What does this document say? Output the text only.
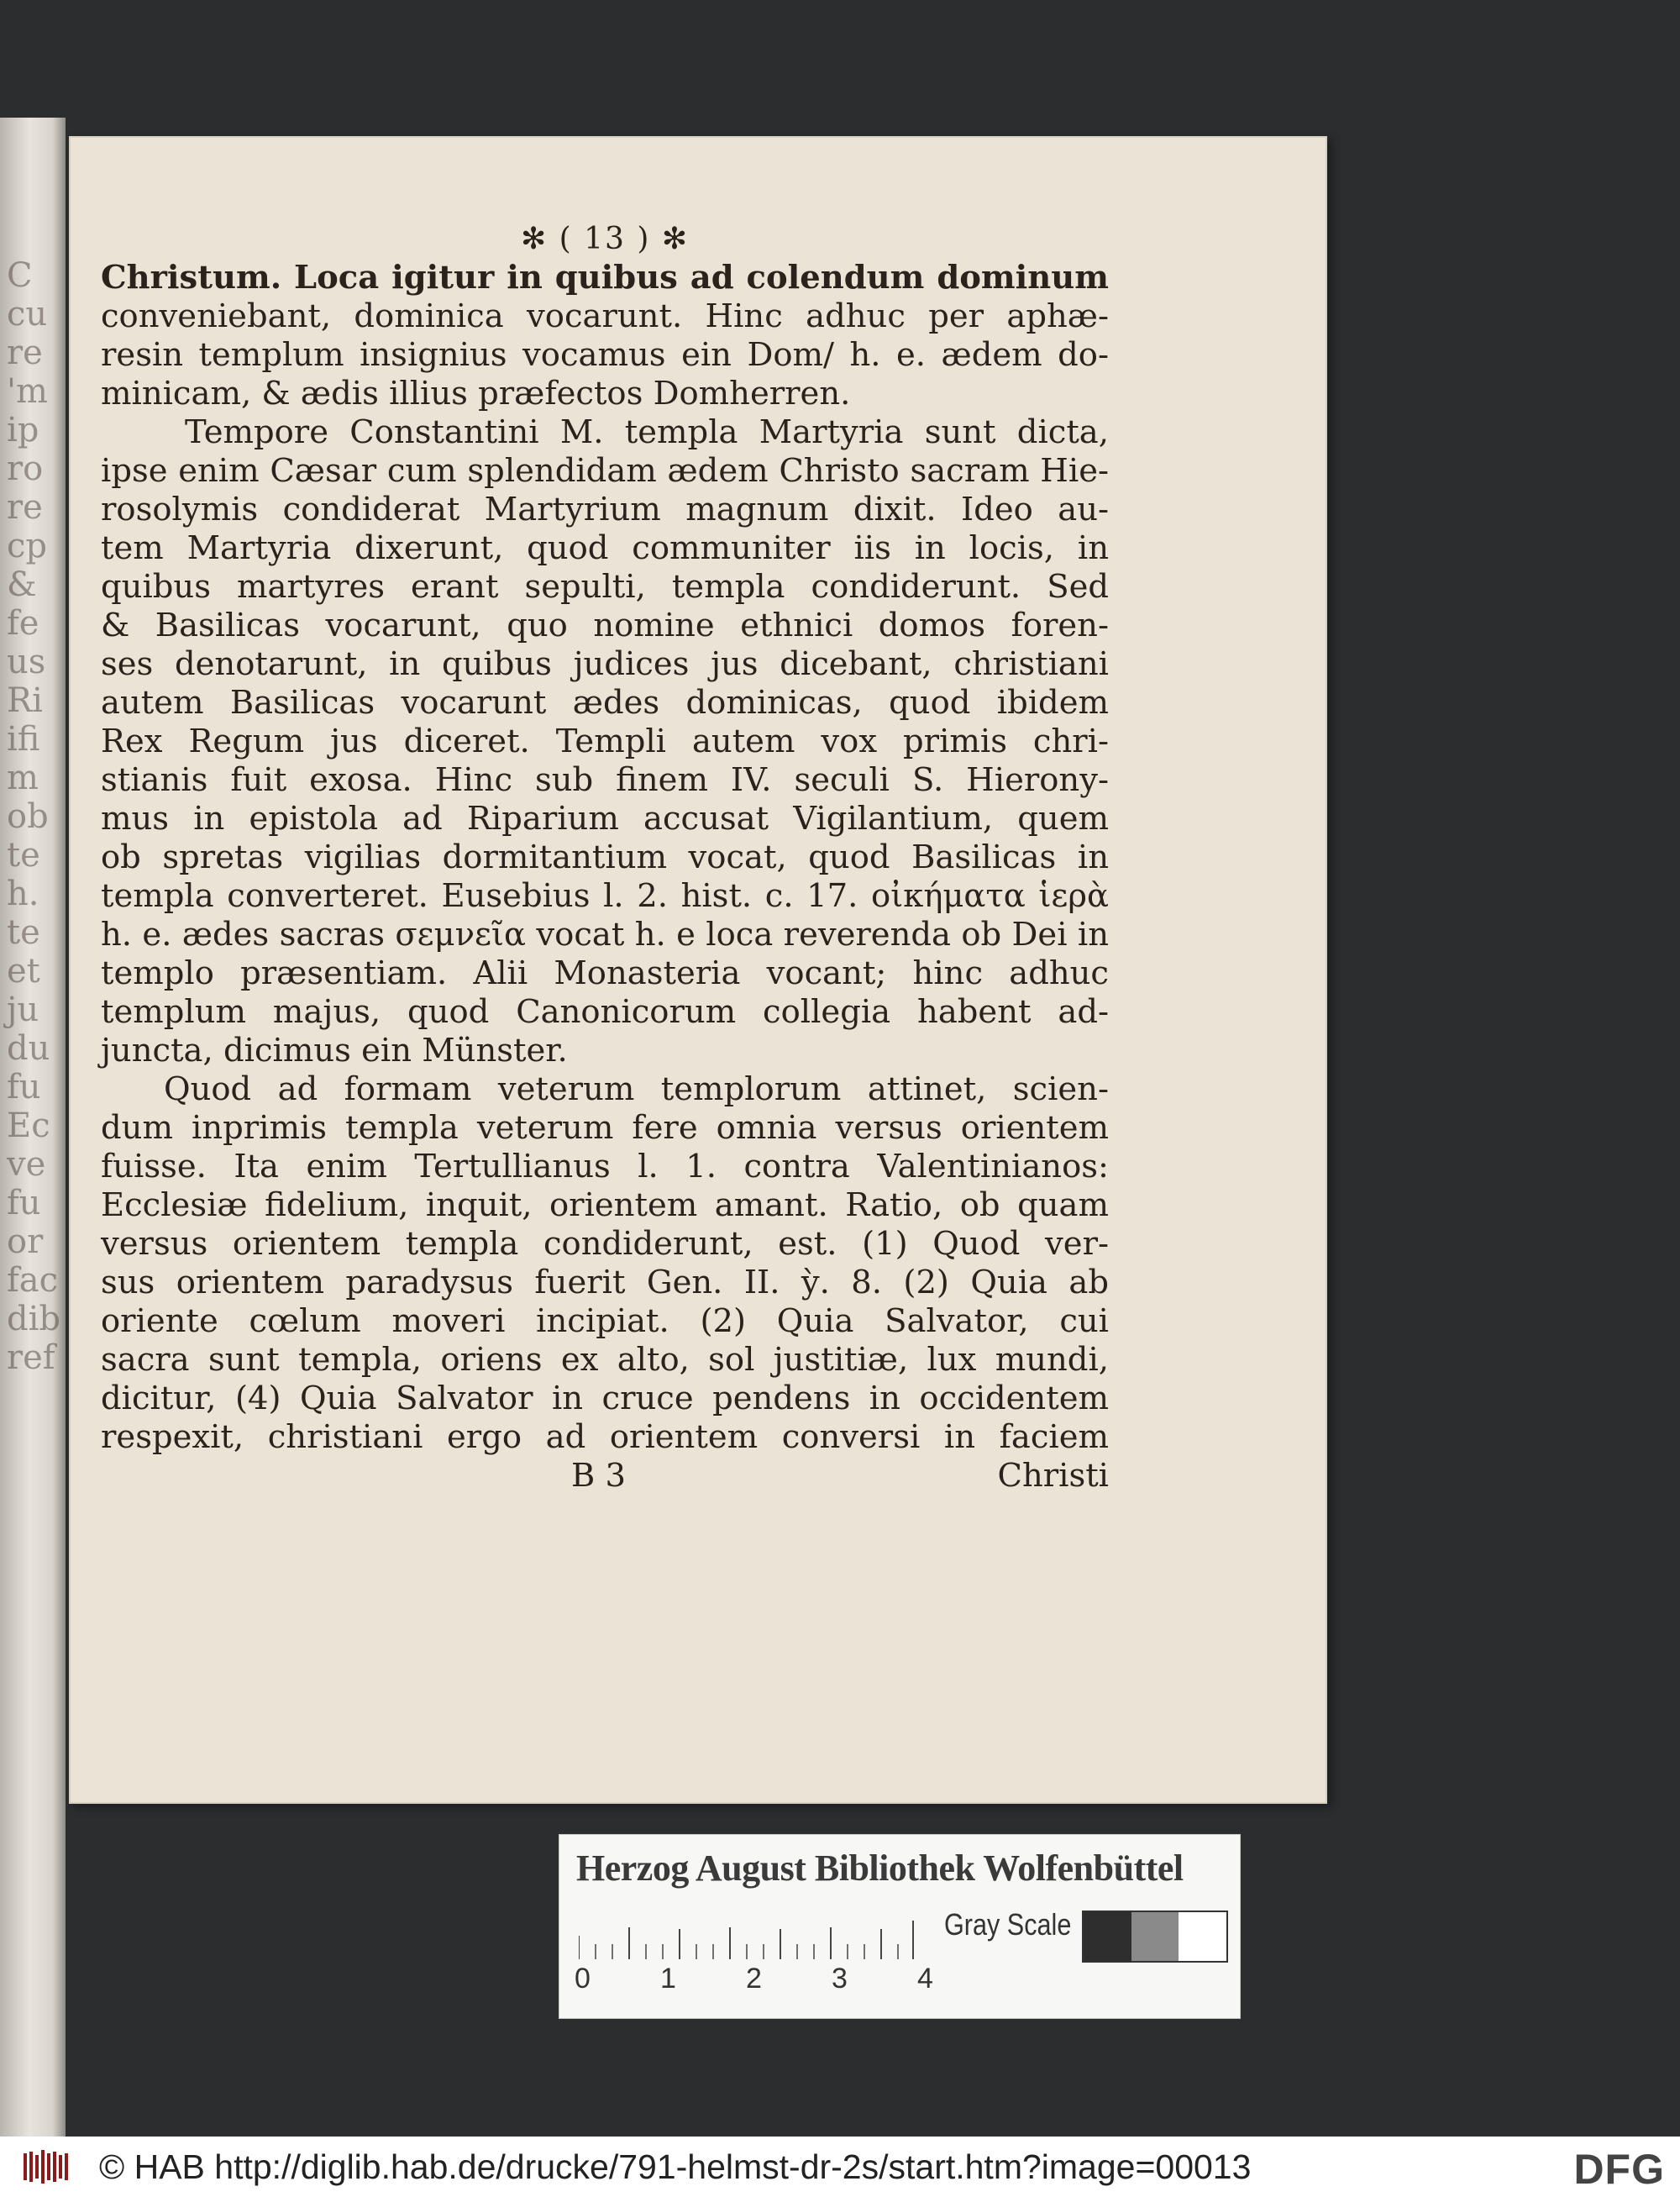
C
cu
re
'm
ip
ro
re
cp
&
fe
us
Ri
ifi
m
ob
te
h.
te
et
ju
du
fu
Ec
ve
fu
or
fac
dib
ref
✻ ( 13 ) ✻
Christum. Loca igitur in quibus ad colendum dominum
conveniebant, dominica vocarunt. Hinc adhuc per aphæ-
resin templum insignius vocamus ein Dom/ h. e. ædem do-
minicam, & ædis illius præfectos Domherren.
Tempore Constantini M. templa Martyria sunt dicta,
ipse enim Cæsar cum splendidam ædem Christo sacram Hie-
rosolymis condiderat Martyrium magnum dixit. Ideo au-
tem Martyria dixerunt, quod communiter iis in locis, in
quibus martyres erant sepulti, templa condiderunt. Sed
& Basilicas vocarunt, quo nomine ethnici domos foren-
ses denotarunt, in quibus judices jus dicebant, christiani
autem Basilicas vocarunt ædes dominicas, quod ibidem
Rex Regum jus diceret. Templi autem vox primis chri-
stianis fuit exosa. Hinc sub finem IV. seculi S. Hierony-
mus in epistola ad Riparium accusat Vigilantium, quem
ob spretas vigilias dormitantium vocat, quod Basilicas in
templa converteret. Eusebius l. 2. hist. c. 17. οἰκήματα ἱερὰ
h. e. ædes sacras σεμνεῖα vocat h. e loca reverenda ob Dei in
templo præsentiam. Alii Monasteria vocant; hinc adhuc
templum majus, quod Canonicorum collegia habent ad-
juncta, dicimus ein Münster.
Quod ad formam veterum templorum attinet, scien-
dum inprimis templa veterum fere omnia versus orientem
fuisse. Ita enim Tertullianus l. 1. contra Valentinianos:
Ecclesiæ fidelium, inquit, orientem amant. Ratio, ob quam
versus orientem templa condiderunt, est. (1) Quod ver-
sus orientem paradysus fuerit Gen. II. ỳ. 8. (2) Quia ab
oriente cœlum moveri incipiat. (2) Quia Salvator, cui
sacra sunt templa, oriens ex alto, sol justitiæ, lux mundi,
dicitur, (4) Quia Salvator in cruce pendens in occidentem
respexit, christiani ergo ad orientem conversi in faciem
B 3	Christi
Herzog August Bibliothek Wolfenbüttel
0 1 2 3 4
Gray Scale
© HAB http://diglib.hab.de/drucke/791-helmst-dr-2s/start.htm?image=00013	DFG
